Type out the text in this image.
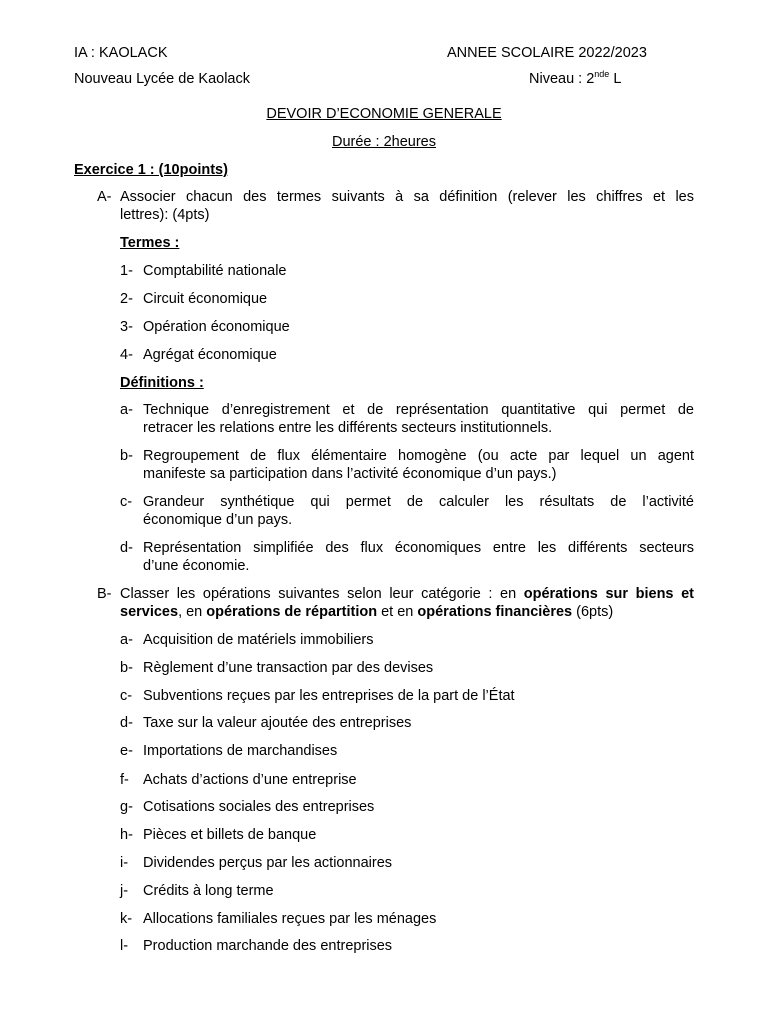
IA : KAOLACK	ANNEE SCOLAIRE 2022/2023
Nouveau Lycée de Kaolack	Niveau : 2nde L
DEVOIR D’ECONOMIE GENERALE
Durée : 2heures
Exercice 1 : (10points)
A- Associer chacun des termes suivants à sa définition (relever les chiffres et les
lettres): (4pts)
Termes :
1- Comptabilité nationale
2- Circuit économique
3- Opération économique
4- Agrégat économique
Définitions :
a- Technique d’enregistrement et de représentation quantitative qui permet de
retracer les relations entre les différents secteurs institutionnels.
b- Regroupement de flux élémentaire homogène (ou acte par lequel un agent
manifeste sa participation dans l’activité économique d’un pays.)
c- Grandeur synthétique qui permet de calculer les résultats de l’activité
économique d’un pays.
d- Représentation simplifiée des flux économiques entre les différents secteurs
d’une économie.
B- Classer les opérations suivantes selon leur catégorie : en opérations sur biens et
services, en opérations de répartition et en opérations financières (6pts)
a- Acquisition de matériels immobiliers
b- Règlement d’une transaction par des devises
c- Subventions reçues par les entreprises de la part de l’État
d- Taxe sur la valeur ajoutée des entreprises
e- Importations de marchandises
f- Achats d’actions d’une entreprise
g- Cotisations sociales des entreprises
h- Pièces et billets de banque
i- Dividendes perçus par les actionnaires
j- Crédits à long terme
k- Allocations familiales reçues par les ménages
l- Production marchande des entreprises
